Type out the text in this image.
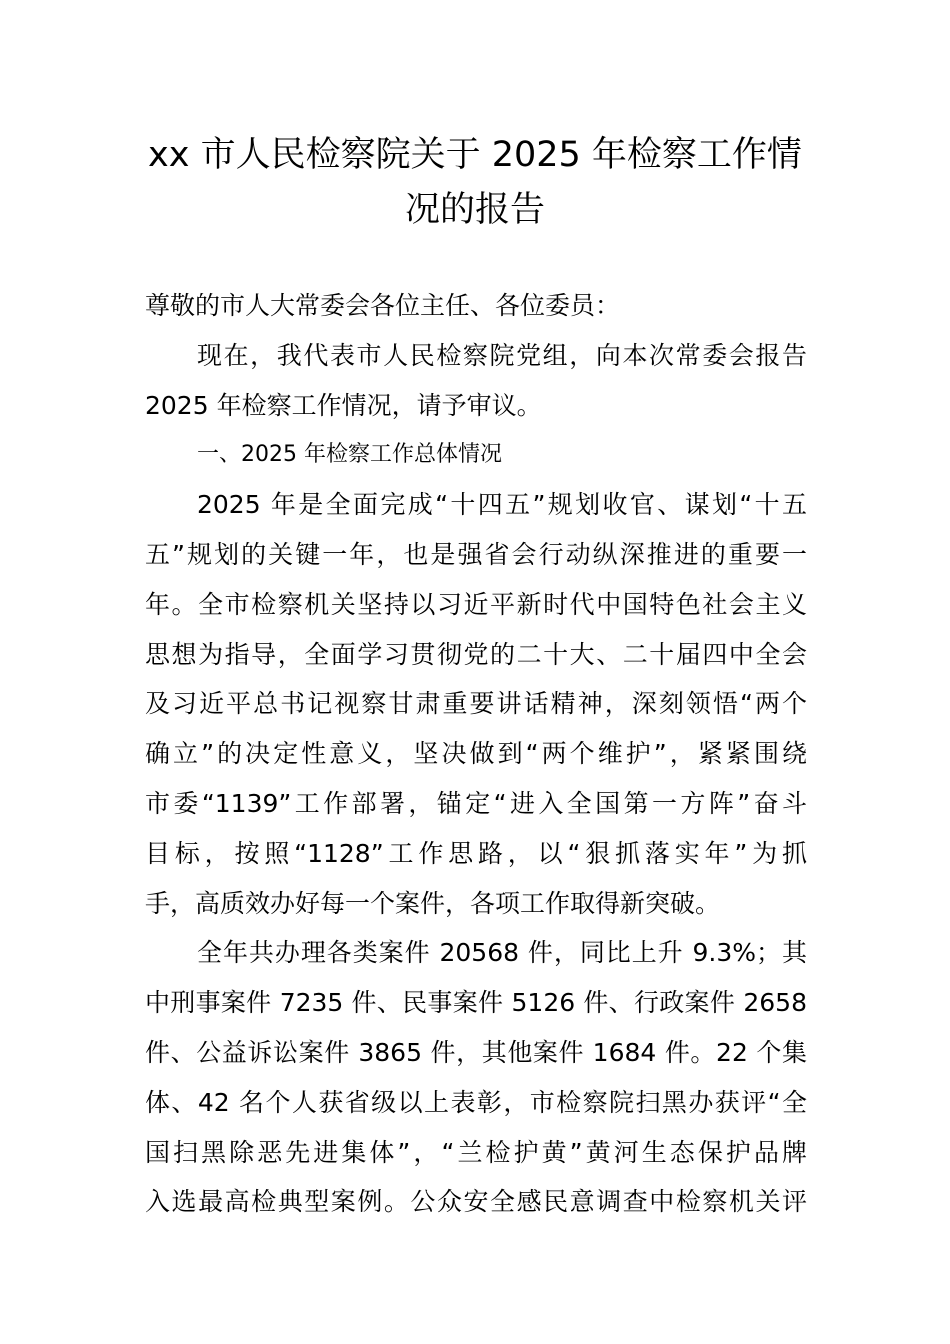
xx 市人民检察院关于 2025 年检察工作情
况的报告
尊敬的市人大常委会各位主任、各位委员：
现在，我代表市人民检察院党组，向本次常委会报告
2025 年检察工作情况，请予审议。
一、2025 年检察工作总体情况
2025 年是全面完成“十四五”规划收官、谋划“十五
五”规划的关键一年，也是强省会行动纵深推进的重要一
年。全市检察机关坚持以习近平新时代中国特色社会主义
思想为指导，全面学习贯彻党的二十大、二十届四中全会
及习近平总书记视察甘肃重要讲话精神，深刻领悟“两个
确立”的决定性意义，坚决做到“两个维护”，紧紧围绕
市委“1139”工作部署，锚定“进入全国第一方阵”奋斗
目标，按照“1128”工作思路，以“狠抓落实年”为抓
手，高质效办好每一个案件，各项工作取得新突破。
全年共办理各类案件 20568 件，同比上升 9.3%；其
中刑事案件 7235 件、民事案件 5126 件、行政案件 2658
件、公益诉讼案件 3865 件，其他案件 1684 件。22 个集
体、42 名个人获省级以上表彰，市检察院扫黑办获评“全
国扫黑除恶先进集体”，“兰检护黄”黄河生态保护品牌
入选最高检典型案例。公众安全感民意调查中检察机关评
